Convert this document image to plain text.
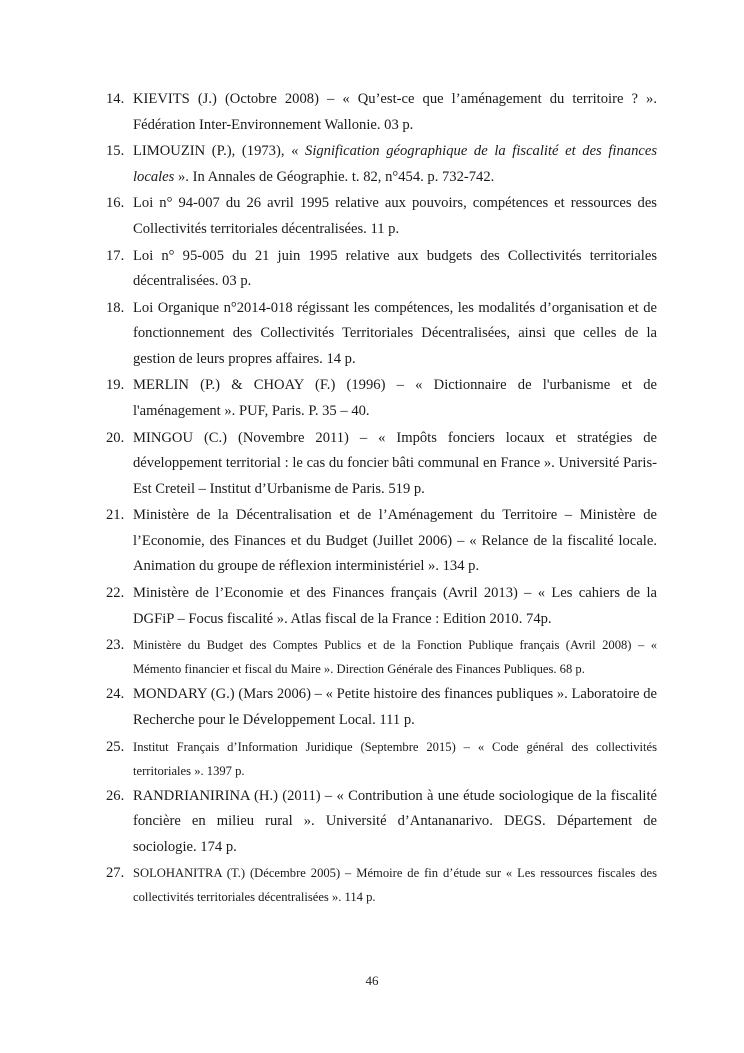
14. KIEVITS (J.) (Octobre 2008) – « Qu’est-ce que l’aménagement du territoire ? ». Fédération Inter-Environnement Wallonie. 03 p.
15. LIMOUZIN (P.), (1973), « Signification géographique de la fiscalité et des finances locales ». In Annales de Géographie. t. 82, n°454. p. 732-742.
16. Loi n° 94-007 du 26 avril 1995 relative aux pouvoirs, compétences et ressources des Collectivités territoriales décentralisées. 11 p.
17. Loi n° 95-005 du 21 juin 1995 relative aux budgets des Collectivités territoriales décentralisées. 03 p.
18. Loi Organique n°2014-018 régissant les compétences, les modalités d’organisation et de fonctionnement des Collectivités Territoriales Décentralisées, ainsi que celles de la gestion de leurs propres affaires. 14 p.
19. MERLIN (P.) & CHOAY (F.) (1996) – « Dictionnaire de l'urbanisme et de l'aménagement ». PUF, Paris. P. 35 – 40.
20. MINGOU (C.) (Novembre 2011) – « Impôts fonciers locaux et stratégies de développement territorial : le cas du foncier bâti communal en France ». Université Paris-Est Creteil – Institut d’Urbanisme de Paris. 519 p.
21. Ministère de la Décentralisation et de l’Aménagement du Territoire – Ministère de l’Economie, des Finances et du Budget (Juillet 2006) – « Relance de la fiscalité locale. Animation du groupe de réflexion interministériel ». 134 p.
22. Ministère de l’Economie et des Finances français (Avril 2013) – « Les cahiers de la DGFiP – Focus fiscalité ». Atlas fiscal de la France : Edition 2010. 74p.
23. Ministère du Budget des Comptes Publics et de la Fonction Publique français (Avril 2008) – « Mémento financier et fiscal du Maire ». Direction Générale des Finances Publiques. 68 p.
24. MONDARY (G.) (Mars 2006) – « Petite histoire des finances publiques ». Laboratoire de Recherche pour le Développement Local. 111 p.
25. Institut Français d’Information Juridique (Septembre 2015) – « Code général des collectivités territoriales ». 1397 p.
26. RANDRIANIRINA (H.) (2011) – « Contribution à une étude sociologique de la fiscalité foncière en milieu rural ». Université d’Antananarivo. DEGS. Département de sociologie. 174 p.
27. SOLOHANITRA (T.) (Décembre 2005) – Mémoire de fin d’étude sur « Les ressources fiscales des collectivités territoriales décentralisées ». 114 p.
46
